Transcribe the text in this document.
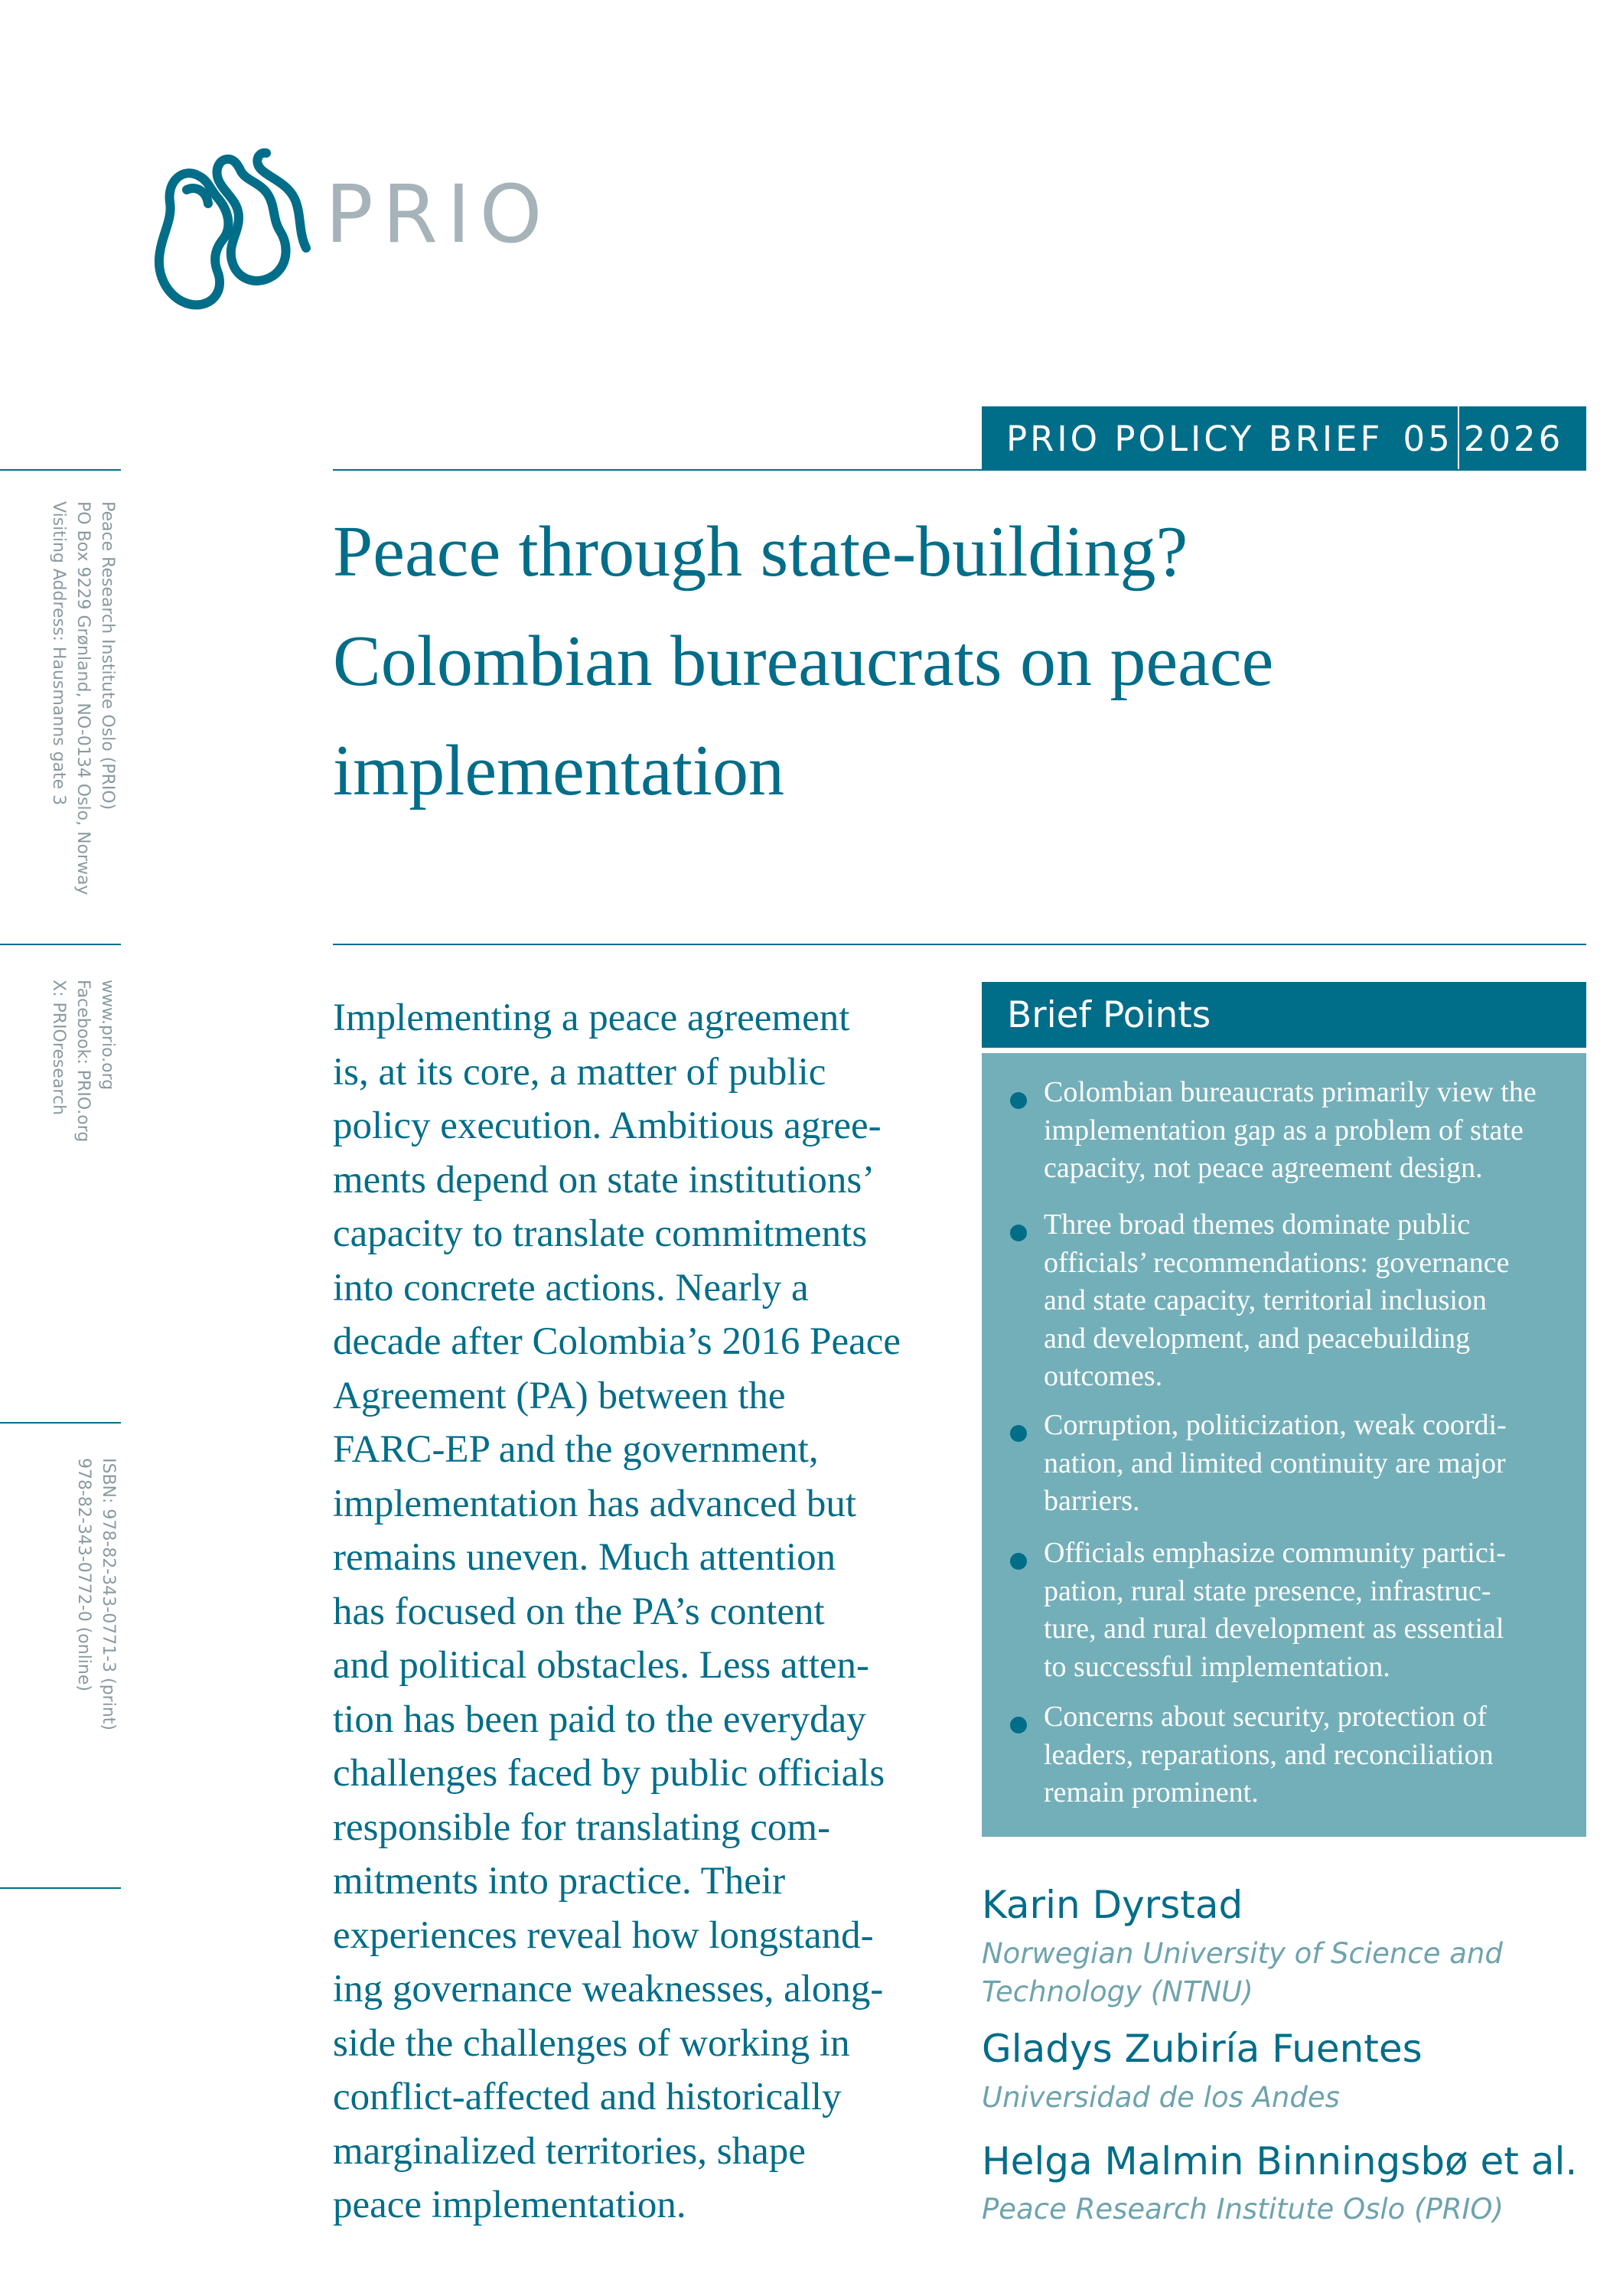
PRIO
PRIO POLICY BRIEF 05 2026
Peace through state-building?
Colombian bureaucrats on peace
implementation
Peace Research Institute Oslo (PRIO)
PO Box 9229 Grønland, NO-0134 Oslo, Norway
Visiting Address: Hausmanns gate 3
www.prio.org
Facebook: PRIO.org
X: PRIOresearch
ISBN: 978-82-343-0771-3 (print)
978-82-343-0772-0 (online)

Implementing a peace agreement
is, at its core, a matter of public
policy execution. Ambitious agree-
ments depend on state institutions’
capacity to translate commitments
into concrete actions. Nearly a
decade after Colombia’s 2016 Peace
Agreement (PA) between the
FARC-EP and the government,
implementation has advanced but
remains uneven. Much attention
has focused on the PA’s content
and political obstacles. Less atten-
tion has been paid to the everyday
challenges faced by public officials
responsible for translating com-
mitments into practice. Their
experiences reveal how longstand-
ing governance weaknesses, along-
side the challenges of working in
conflict-affected and historically
marginalized territories, shape
peace implementation.

Brief Points
Colombian bureaucrats primarily view the
implementation gap as a problem of state
capacity, not peace agreement design.
Three broad themes dominate public
officials’ recommendations: governance
and state capacity, territorial inclusion
and development, and peacebuilding
outcomes.
Corruption, politicization, weak coordi-
nation, and limited continuity are major
barriers.
Officials emphasize community partici-
pation, rural state presence, infrastruc-
ture, and rural development as essential
to successful implementation.
Concerns about security, protection of
leaders, reparations, and reconciliation
remain prominent.
Karin Dyrstad
Norwegian University of Science and
Technology (NTNU)
Gladys Zubiría Fuentes
Universidad de los Andes
Helga Malmin Binningsbø et al.
Peace Research Institute Oslo (PRIO)
